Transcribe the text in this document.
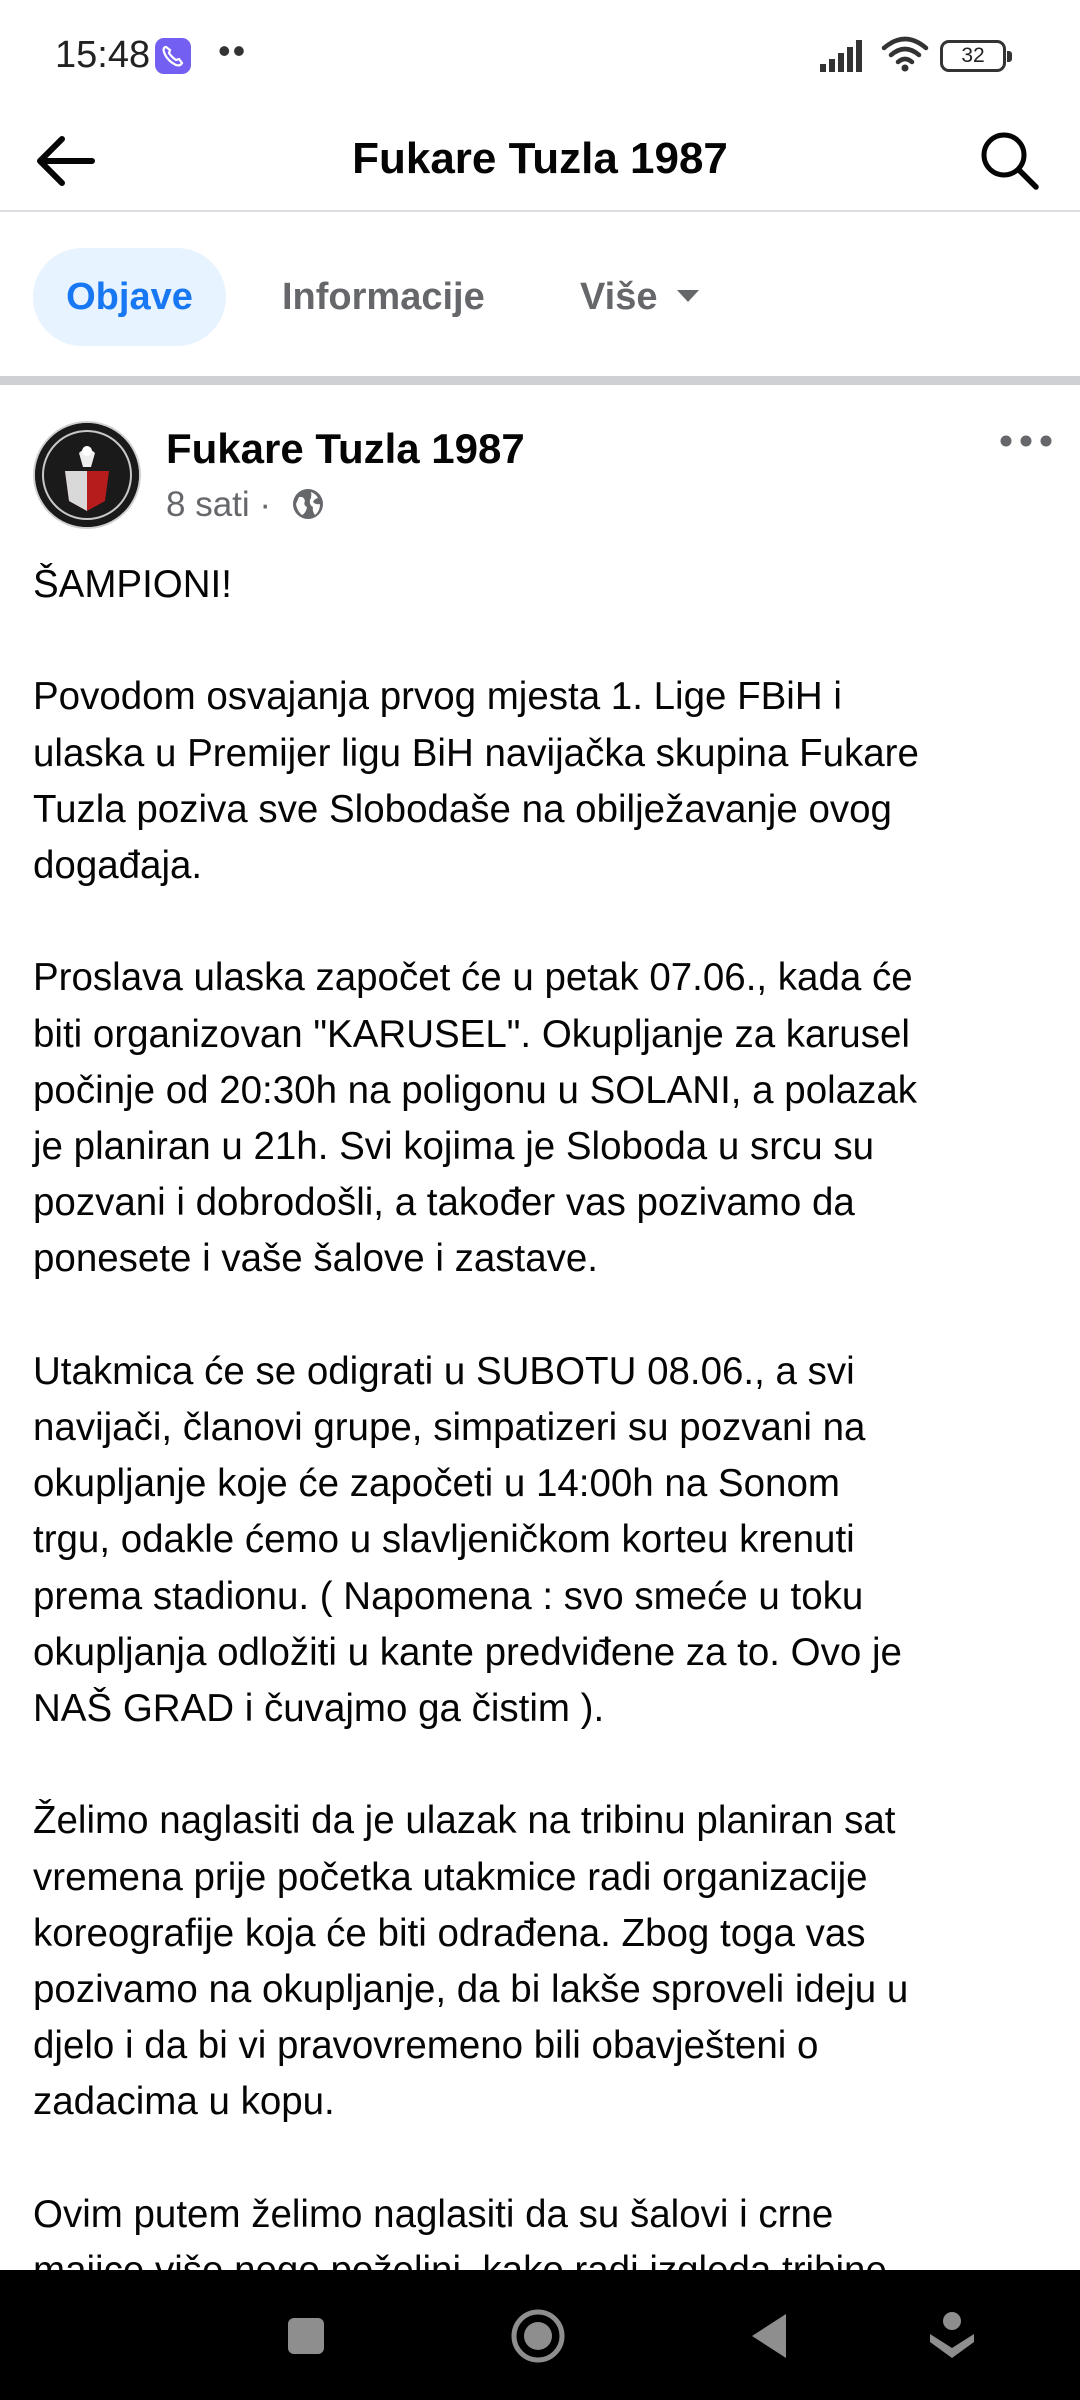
15:48 ••	32
Fukare Tuzla 1987
Objave	Informacije	Više
Fukare Tuzla 1987
8 sati ·
ŠAMPIONI!

Povodom osvajanja prvog mjesta 1. Lige FBiH i
ulaska u Premijer ligu BiH navijačka skupina Fukare
Tuzla poziva sve Slobodaše na obilježavanje ovog
događaja.

Proslava ulaska započet će u petak 07.06., kada će
biti organizovan "KARUSEL". Okupljanje za karusel
počinje od 20:30h na poligonu u SOLANI, a polazak
je planiran u 21h. Svi kojima je Sloboda u srcu su
pozvani i dobrodošli, a također vas pozivamo da
ponesete i vaše šalove i zastave.

Utakmica će se odigrati u SUBOTU 08.06., a svi
navijači, članovi grupe, simpatizeri su pozvani na
okupljanje koje će započeti u 14:00h na Sonom
trgu, odakle ćemo u slavljeničkom korteu krenuti
prema stadionu. ( Napomena : svo smeće u toku
okupljanja odložiti u kante predviđene za to. Ovo je
NAŠ GRAD i čuvajmo ga čistim ).

Želimo naglasiti da je ulazak na tribinu planiran sat
vremena prije početka utakmice radi organizacije
koreografije koja će biti odrađena. Zbog toga vas
pozivamo na okupljanje, da bi lakše sproveli ideju u
djelo i da bi vi pravovremeno bili obavješteni o
zadacima u kopu.

Ovim putem želimo naglasiti da su šalovi i crne
